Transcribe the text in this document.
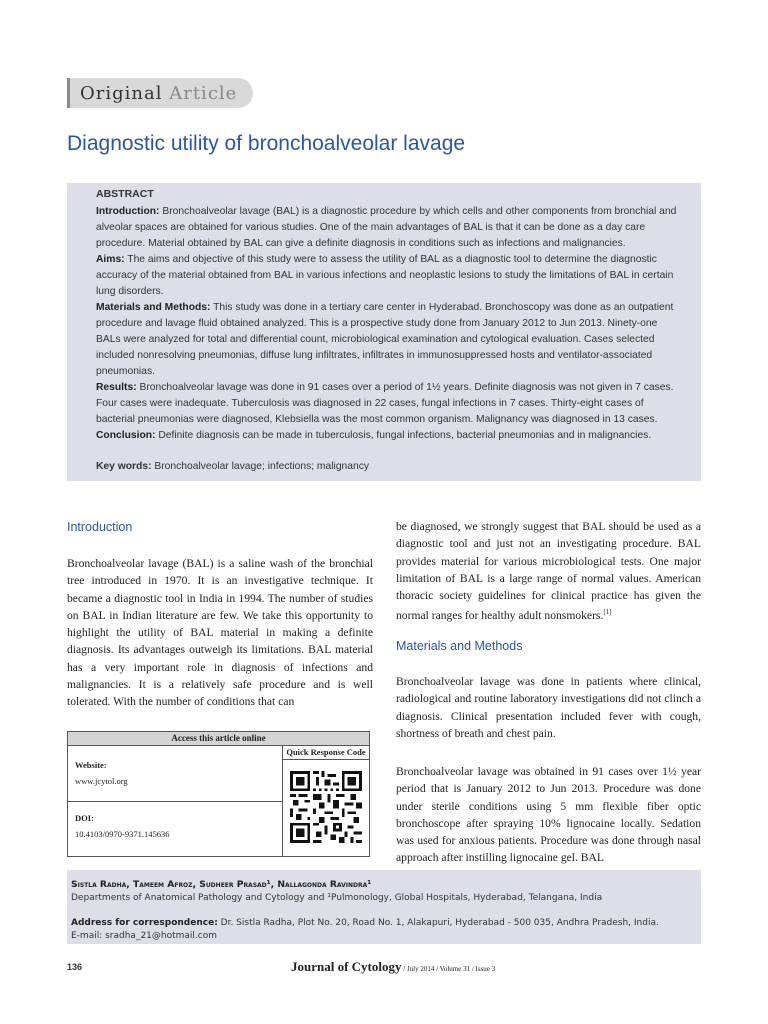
Original Article
Diagnostic utility of bronchoalveolar lavage

ABSTRACT

Introduction: Bronchoalveolar lavage (BAL) is a diagnostic procedure by which cells and other components from bronchial and alveolar spaces are obtained for various studies. One of the main advantages of BAL is that it can be done as a day care procedure. Material obtained by BAL can give a definite diagnosis in conditions such as infections and malignancies.

Aims: The aims and objective of this study were to assess the utility of BAL as a diagnostic tool to determine the diagnostic accuracy of the material obtained from BAL in various infections and neoplastic lesions to study the limitations of BAL in certain lung disorders.

Materials and Methods: This study was done in a tertiary care center in Hyderabad. Bronchoscopy was done as an outpatient procedure and lavage fluid obtained analyzed. This is a prospective study done from January 2012 to Jun 2013. Ninety-one BALs were analyzed for total and differential count, microbiological examination and cytological evaluation. Cases selected included nonresolving pneumonias, diffuse lung infiltrates, infiltrates in immunosuppressed hosts and ventilator-associated pneumonias.

Results: Bronchoalveolar lavage was done in 91 cases over a period of 1½ years. Definite diagnosis was not given in 7 cases. Four cases were inadequate. Tuberculosis was diagnosed in 22 cases, fungal infections in 7 cases. Thirty-eight cases of bacterial pneumonias were diagnosed, Klebsiella was the most common organism. Malignancy was diagnosed in 13 cases.

Conclusion: Definite diagnosis can be made in tuberculosis, fungal infections, bacterial pneumonias and in malignancies.

Key words: Bronchoalveolar lavage; infections; malignancy
Introduction

Bronchoalveolar lavage (BAL) is a saline wash of the bronchial tree introduced in 1970. It is an investigative technique. It became a diagnostic tool in India in 1994. The number of studies on BAL in Indian literature are few. We take this opportunity to highlight the utility of BAL material in making a definite diagnosis. Its advantages outweigh its limitations. BAL material has a very important role in diagnosis of infections and malignancies. It is a relatively safe procedure and is well tolerated. With the number of conditions that can

Access this article online
Website:
www.jcytol.org
DOI:
10.4103/0970-9371.145636
Quick Response Code

be diagnosed, we strongly suggest that BAL should be used as a diagnostic tool and just not an investigating procedure. BAL provides material for various microbiological tests. One major limitation of BAL is a large range of normal values. American thoracic society guidelines for clinical practice has given the normal ranges for healthy adult nonsmokers.[1]

Materials and Methods

Bronchoalveolar lavage was done in patients where clinical, radiological and routine laboratory investigations did not clinch a diagnosis. Clinical presentation included fever with cough, shortness of breath and chest pain.

Bronchoalveolar lavage was obtained in 91 cases over 1½ year period that is January 2012 to Jun 2013. Procedure was done under sterile conditions using 5 mm flexible fiber optic bronchoscope after spraying 10% lignocaine locally. Sedation was used for anxious patients. Procedure was done through nasal approach after instilling lignocaine gel. BAL

Sistla Radha, Tameem Afroz, Sudheer Prasad¹, Nallagonda Ravindra¹
Departments of Anatomical Pathology and Cytology and ¹Pulmonology, Global Hospitals, Hyderabad, Telangana, India
Address for correspondence: Dr. Sistla Radha, Plot No. 20, Road No. 1, Alakapuri, Hyderabad - 500 035, Andhra Pradesh, India.
E-mail: sradha_21@hotmail.com
136	Journal of Cytology / July 2014 / Volume 31 / Issue 3
